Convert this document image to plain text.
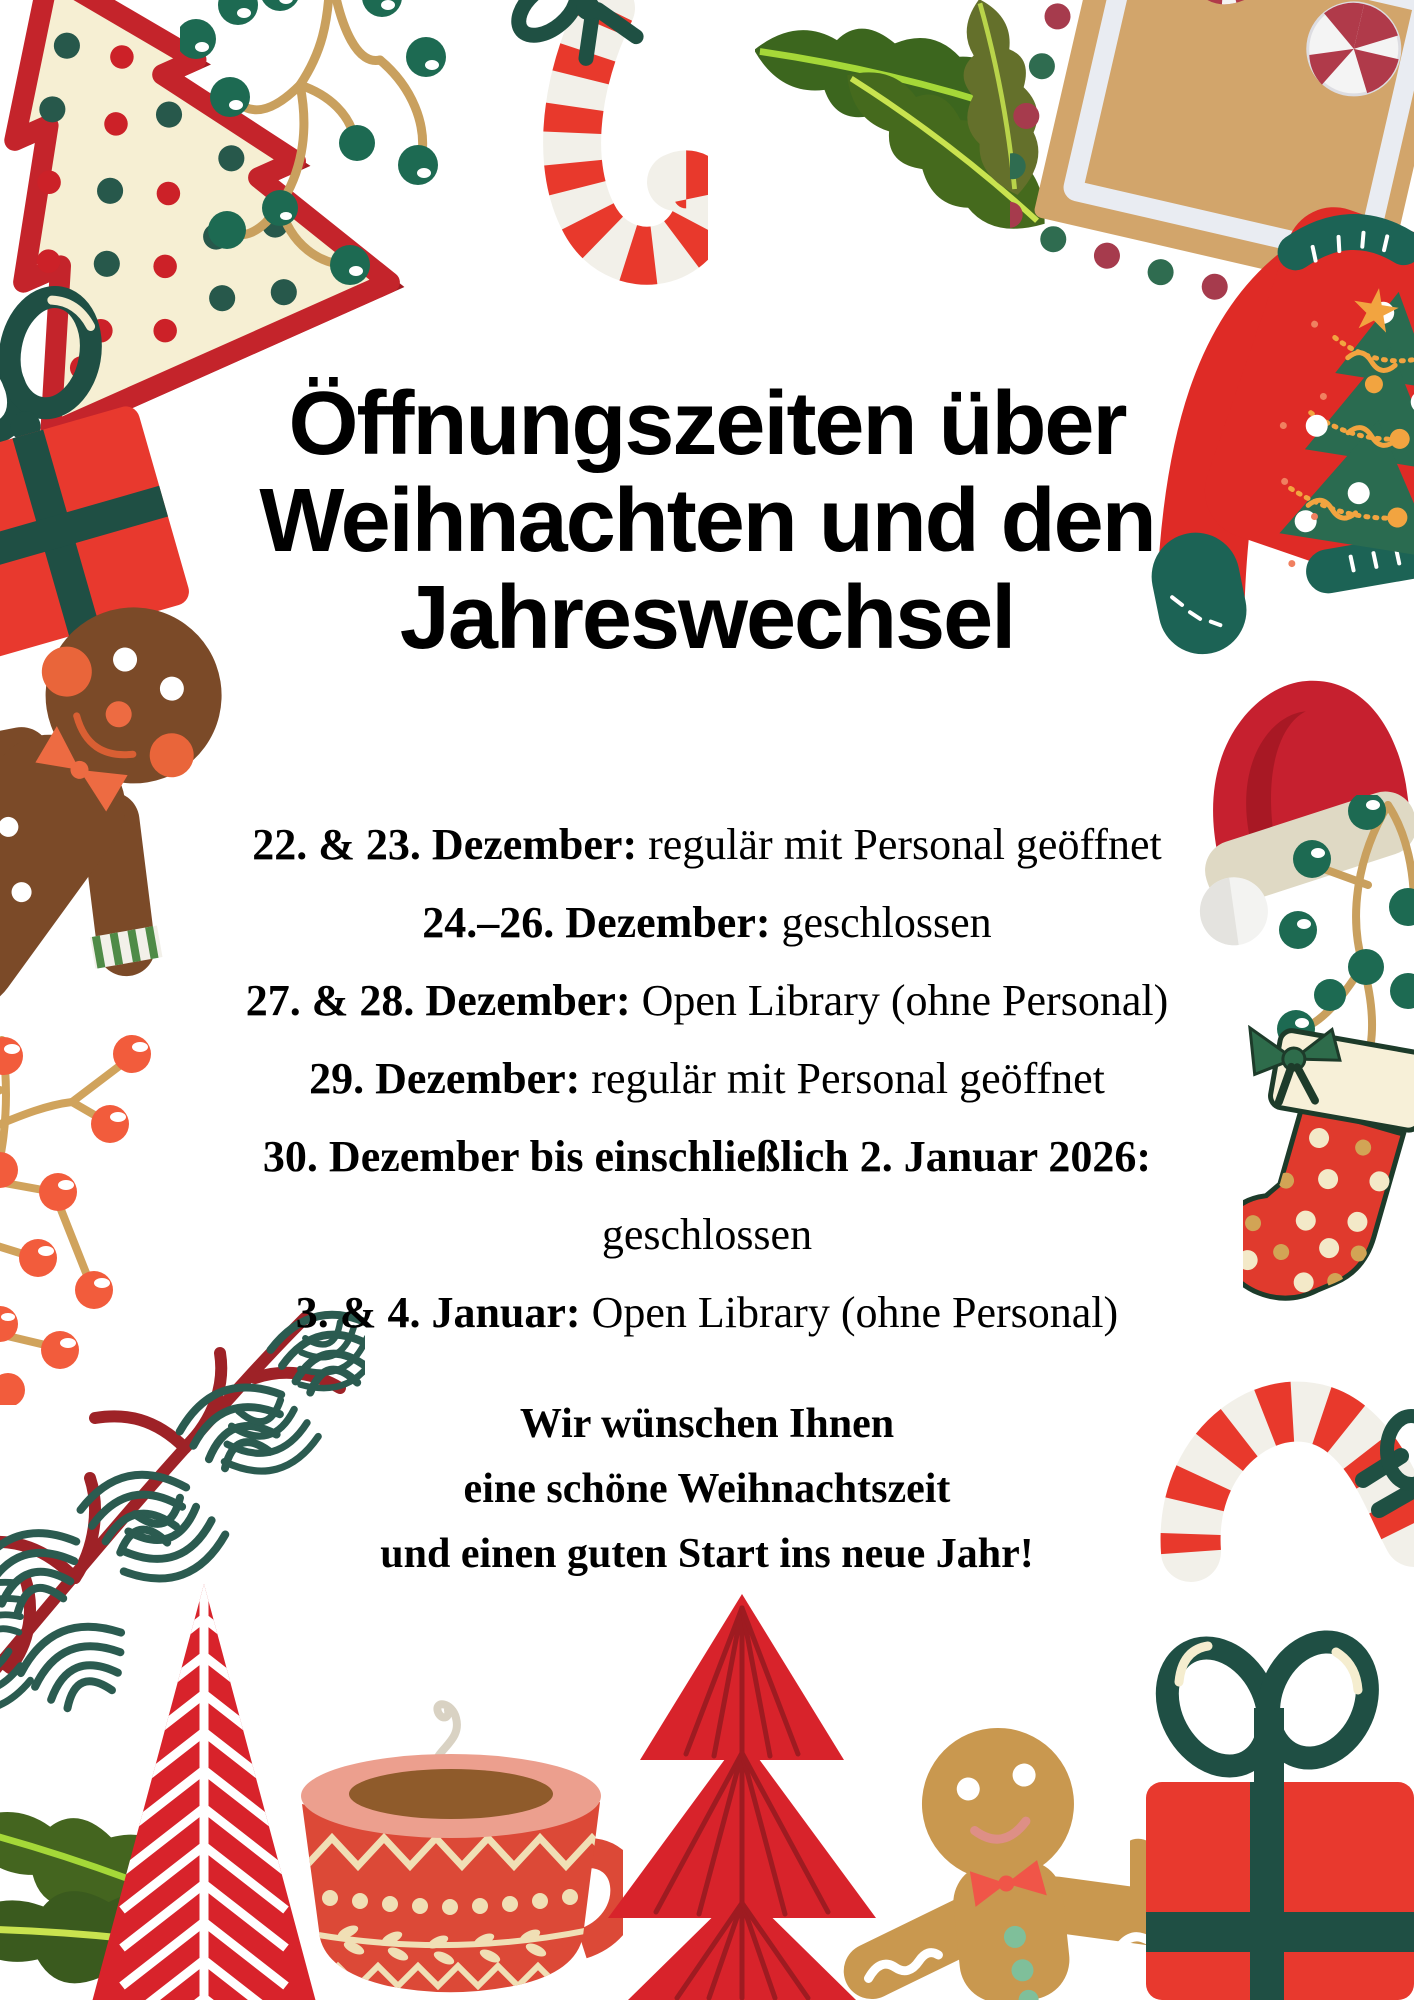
Öffnungszeiten über
Weihnachten und den
Jahreswechsel
22. & 23. Dezember: regulär mit Personal geöffnet
24.–26. Dezember: geschlossen
27. & 28. Dezember: Open Library (ohne Personal)
29. Dezember: regulär mit Personal geöffnet
30. Dezember bis einschließlich 2. Januar 2026:
geschlossen
3. & 4. Januar: Open Library (ohne Personal)
Wir wünschen Ihnen
eine schöne Weihnachtszeit
und einen guten Start ins neue Jahr!
